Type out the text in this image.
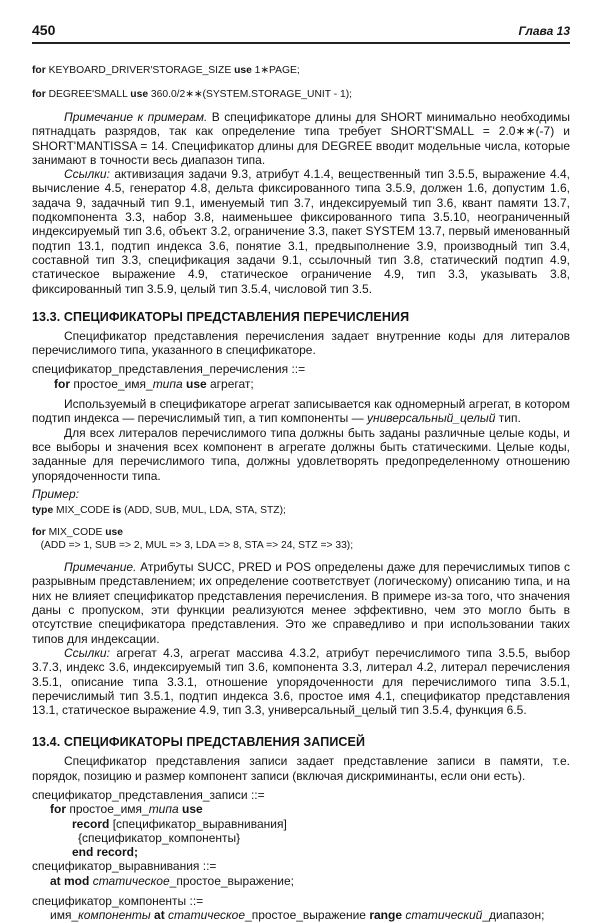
450	Глава 13

for KEYBOARD_DRIVER'STORAGE_SIZE use 1∗PAGE;

for DEGREE'SMALL use 360.0/2∗∗(SYSTEM.STORAGE_UNIT - 1);

Примечание к примерам. В спецификаторе длины для SHORT минимально необходимы пятнадцать разрядов, так как определение типа требует SHORT'SMALL = 2.0∗∗(-7) и SHORT'MANTISSA = 14. Спецификатор длины для DEGREE вводит модельные числа, которые занимают в точности весь диапазон типа.

Ссылки: активизация задачи 9.3, атрибут 4.1.4, вещественный тип 3.5.5, выражение 4.4, вычисление 4.5, генератор 4.8, дельта фиксированного типа 3.5.9, должен 1.6, допустим 1.6, задача 9, задачный тип 9.1, именуемый тип 3.7, индексируемый тип 3.6, квант памяти 13.7, подкомпонента 3.3, набор 3.8, наименьшее фиксированного типа 3.5.10, неограниченный индексируемый тип 3.6, объект 3.2, ограничение 3.3, пакет SYSTEM 13.7, первый именованный подтип 13.1, подтип индекса 3.6, понятие 3.1, предвыполнение 3.9, производный тип 3.4, составной тип 3.3, спецификация задачи 9.1, ссылочный тип 3.8, статический подтип 4.9, статическое выражение 4.9, статическое ограничение 4.9, тип 3.3, указывать 3.8, фиксированный тип 3.5.9, целый тип 3.5.4, числовой тип 3.5.

13.3. СПЕЦИФИКАТОРЫ ПРЕДСТАВЛЕНИЯ ПЕРЕЧИСЛЕНИЯ

Спецификатор представления перечисления задает внутренние коды для литералов перечислимого типа, указанного в спецификаторе.

спецификатор_представления_перечисления ::=

for простое_имя_типа use агрегат;

Используемый в спецификаторе агрегат записывается как одномерный агрегат, в котором подтип индекса — перечислимый тип, а тип компоненты — универсальный_целый тип.

Для всех литералов перечислимого типа должны быть заданы различные целые коды, и все выборы и значения всех компонент в агрегате должны быть статическими. Целые коды, заданные для перечислимого типа, должны удовлетворять предопределенному отношению упорядоченности типа.

Пример:

type MIX_CODE is (ADD, SUB, MUL, LDA, STA, STZ);

for MIX_CODE use

(ADD => 1, SUB => 2, MUL => 3, LDA => 8, STA => 24, STZ => 33);

Примечание. Атрибуты SUCC, PRED и POS определены даже для перечислимых типов с разрывным представлением; их определение соответствует (логическому) описанию типа, и на них не влияет спецификатор представления перечисления. В примере из-за того, что значения даны с пропуском, эти функции реализуются менее эффективно, чем это могло быть в отсутствие спецификатора представления. Это же справедливо и при использовании таких типов для индексации.

Ссылки: агрегат 4.3, агрегат массива 4.3.2, атрибут перечислимого типа 3.5.5, выбор 3.7.3, индекс 3.6, индексируемый тип 3.6, компонента 3.3, литерал 4.2, литерал перечисления 3.5.1, описание типа 3.3.1, отношение упорядоченности для перечислимого типа 3.5.1, перечислимый тип 3.5.1, подтип индекса 3.6, простое имя 4.1, спецификатор представления 13.1, статическое выражение 4.9, тип 3.3, универсальный_целый тип 3.5.4, функция 6.5.

13.4. СПЕЦИФИКАТОРЫ ПРЕДСТАВЛЕНИЯ ЗАПИСЕЙ

Спецификатор представления записи задает представление записи в памяти, т.е. порядок, позицию и размер компонент записи (включая дискриминанты, если они есть).

спецификатор_представления_записи ::=

for простое_имя_типа use

record [спецификатор_выравнивания]

{спецификатор_компоненты}

end record;

спецификатор_выравнивания ::=

at mod статическое_простое_выражение;

спецификатор_компоненты ::=

имя_компоненты at статическое_простое_выражение range статический_диапазон;
